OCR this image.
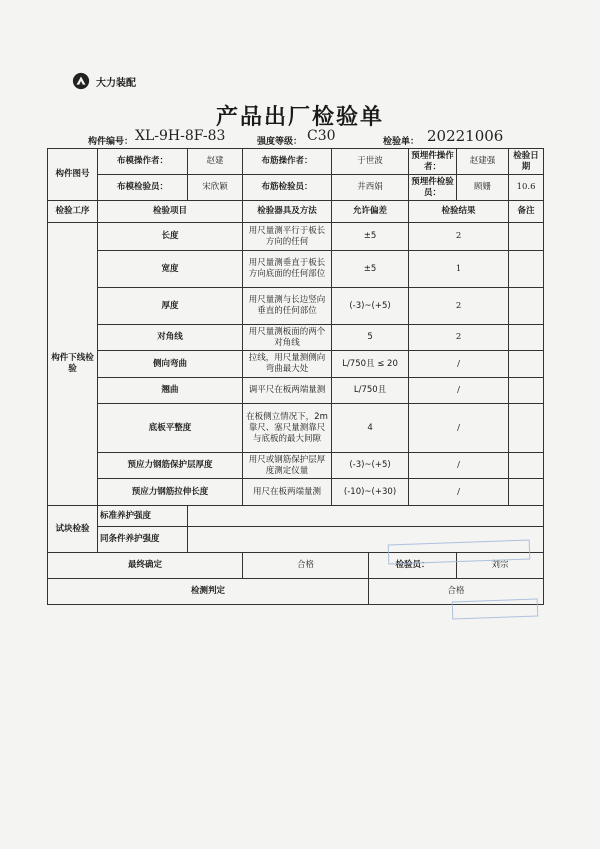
大力装配
产品出厂检验单
构件编号： XL-9H-8F-83	强度等级： C30	检验单： 20221006
构件图号	布模操作者：	赵建	布筋操作者：	于世波		预埋件操作者：	赵建强	检验日期
	布模检验员：	宋欣颖	布筋检验员：	井西娟		预埋件检验员：	顾姗	10.6
检验工序	检验项目		检验器具及方法	允许偏差		检验结果		备注
构件下线检验	长度		用尺量测平行于板长方向的任何	±5		2		
	宽度		用尺量测垂直于板长方向底面的任何部位	±5		1		
	厚度		用尺量测与长边竖向垂直的任何部位	(-3)~(+5)		2		
	对角线		用尺量测板面的两个对角线	5		2		
	侧向弯曲		拉线，用尺量测侧向弯曲最大处	L/750且 ≤ 20		/		
	翘曲		调平尺在板两端量测	L/750且		/		
	底板平整度		在板侧立情况下，2m靠尺、塞尺量测靠尺与底板的最大间隙	4		/		
	预应力钢筋保护层厚度		用尺或钢筋保护层厚度测定仪量	(-3)~(+5)		/		
	预应力钢筋拉伸长度		用尺在板两端量测	(-10)~(+30)		/		
试块检验	标准养护强度							
	同条件养护强度							
最终确定			合格		检验员：		刘宗	
检测判定					合格			
